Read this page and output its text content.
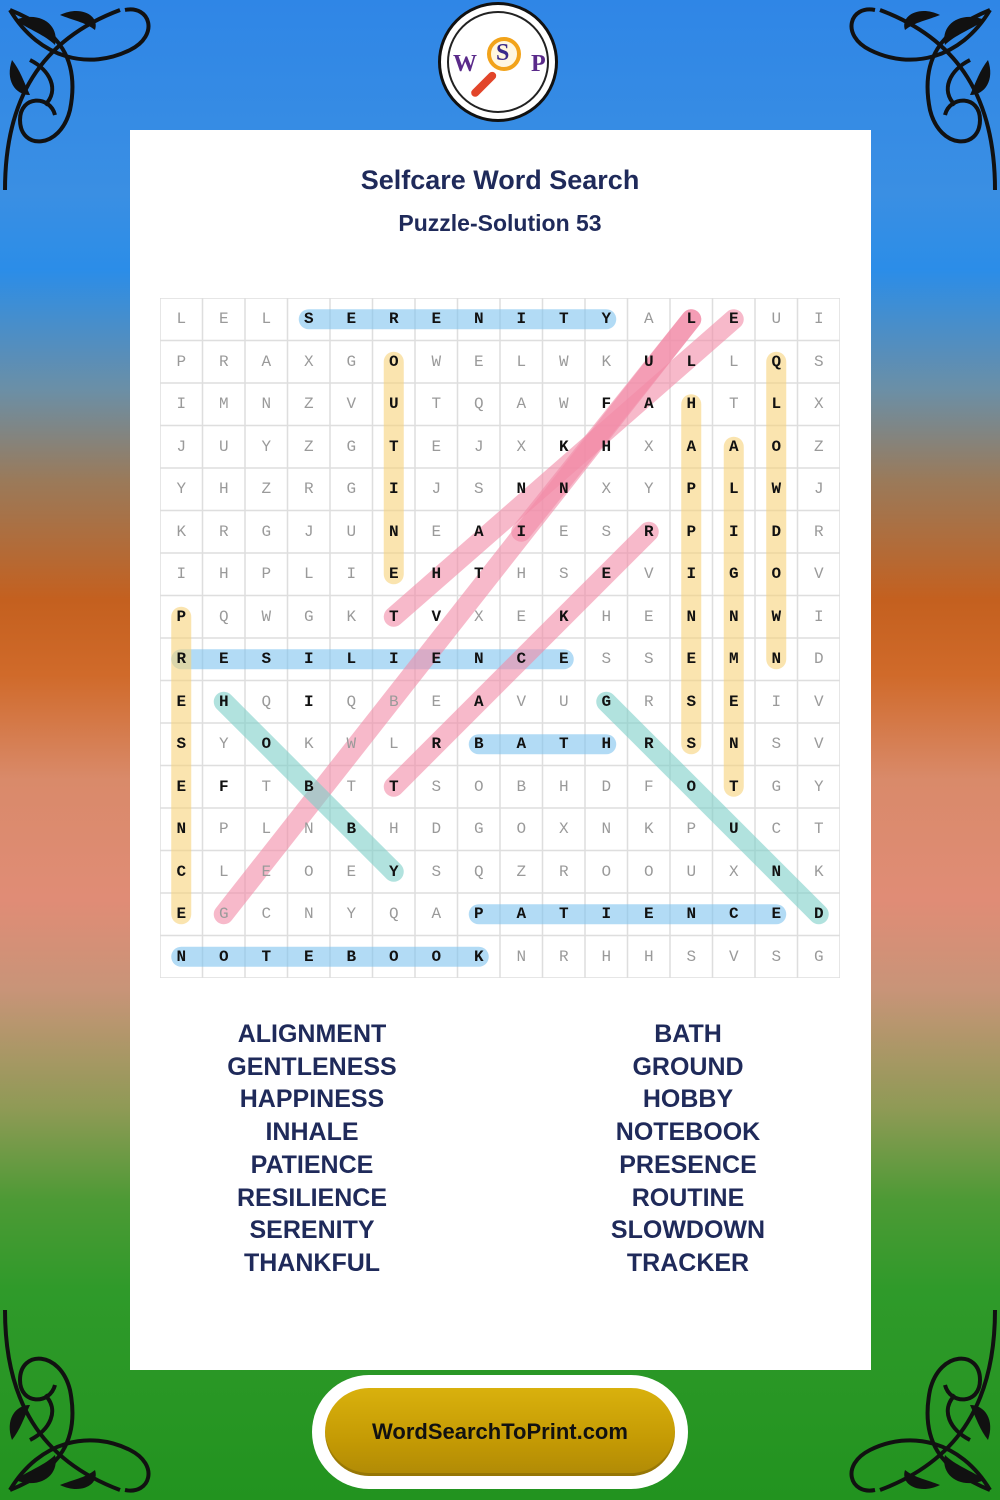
W S P
Selfcare Word Search
Puzzle-Solution 53
L	E	L	S	E	R	E	N	I	T	Y	A	L	E	U	I
P	R	A	X	G	O	W	E	L	W	K	U	L	L	Q	S
I	M	N	Z	V	U	T	Q	A	W	F	A	H	T	L	X
J	U	Y	Z	G	T	E	J	X	K	H	X	A	A	O	Z
Y	H	Z	R	G	I	J	S	N	N	X	Y	P	L	W	J
K	R	G	J	U	N	E	A	I	E	S	R	P	I	D	R
I	H	P	L	I	E	H	T	H	S	E	V	I	G	O	V
P	Q	W	G	K	T	V	X	E	K	H	E	N	N	W	I
R	E	S	I	L	I	E	N	C	E	S	S	E	M	N	D
E	H	Q	I	Q	B	E	A	V	U	G	R	S	E	I	V
S	Y	O	K	W	L	R	B	A	T	H	R	S	N	S	V
E	F	T	B	T	T	S	O	B	H	D	F	O	T	G	Y
N	P	L	N	B	H	D	G	O	X	N	K	P	U	C	T
C	L	E	O	E	Y	S	Q	Z	R	O	O	U	X	N	K
E	G	C	N	Y	Q	A	P	A	T	I	E	N	C	E	D
N	O	T	E	B	O	O	K	N	R	H	H	S	V	S	G
ALIGNMENT
GENTLENESS
HAPPINESS
INHALE
PATIENCE
RESILIENCE
SERENITY
THANKFUL
BATH
GROUND
HOBBY
NOTEBOOK
PRESENCE
ROUTINE
SLOWDOWN
TRACKER
WordSearchToPrint.com
